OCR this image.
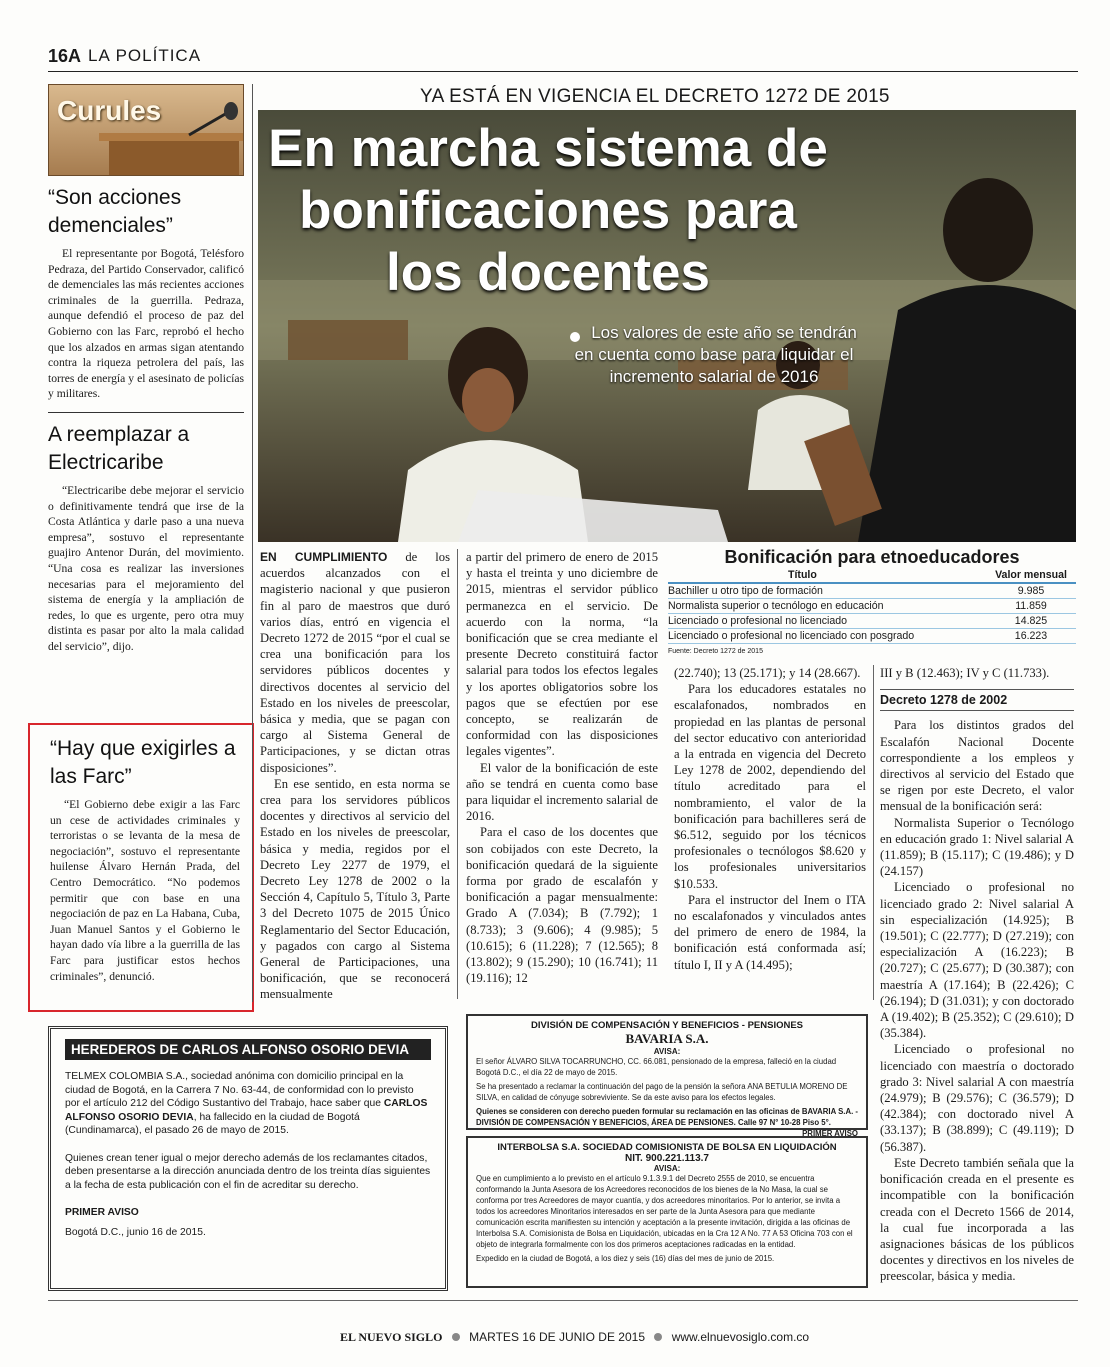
16A LA POLÍTICA
Curules
“Son acciones demenciales”

El representante por Bogotá, Telésforo Pedraza, del Partido Conservador, calificó de demenciales las más recientes acciones criminales de la guerrilla. Pedraza, aunque defendió el proceso de paz del Gobierno con las Farc, reprobó el hecho que los alzados en armas sigan atentando contra la riqueza petrolera del país, las torres de energía y el asesinato de policías y militares.

A reemplazar a Electricaribe

“Electricaribe debe mejorar el servicio o definitivamente tendrá que irse de la Costa Atlántica y darle paso a una nueva empresa”, sostuvo el representante guajiro Antenor Durán, del movimiento. “Una cosa es realizar las inversiones necesarias para el mejoramiento del sistema de energía y la ampliación de redes, lo que es urgente, pero otra muy distinta es pasar por alto la mala calidad del servicio”, dijo.

“Hay que exigirles a las Farc”

“El Gobierno debe exigir a las Farc un cese de actividades criminales y terroristas o se levanta de la mesa de negociación”, sostuvo el representante huilense Álvaro Hernán Prada, del Centro Democrático. “No podemos permitir que con base en una negociación de paz en La Habana, Cuba, Juan Manuel Santos y el Gobierno le hayan dado vía libre a la guerrilla de las Farc para justificar estos hechos criminales”, denunció.

YA ESTÁ EN VIGENCIA EL DECRETO 1272 DE 2015
En marcha sistema de bonificaciones para los docentes
Los valores de este año se tendrán en cuenta como base para liquidar el incremento salarial de 2016

EN CUMPLIMIENTO de los acuerdos alcanzados con el magisterio nacional y que pusieron fin al paro de maestros que duró varios días, entró en vigencia el Decreto 1272 de 2015 “por el cual se crea una bonificación para los servidores públicos docentes y directivos docentes al servicio del Estado en los niveles de preescolar, básica y media, que se pagan con cargo al Sistema General de Participaciones, y se dictan otras disposiciones”.

En ese sentido, en esta norma se crea para los servidores públicos docentes y directivos al servicio del Estado en los niveles de preescolar, básica y media, regidos por el Decreto Ley 2277 de 1979, el Decreto Ley 1278 de 2002 o la Sección 4, Capítulo 5, Título 3, Parte 3 del Decreto 1075 de 2015 Único Reglamentario del Sector Educación, y pagados con cargo al Sistema General de Participaciones, una bonificación, que se reconocerá mensualmente

a partir del primero de enero de 2015 y hasta el treinta y uno diciembre de 2015, mientras el servidor público permanezca en el servicio. De acuerdo con la norma, “la bonificación que se crea mediante el presente Decreto constituirá factor salarial para todos los efectos legales y los aportes obligatorios sobre los pagos que se efectúen por ese concepto, se realizarán de conformidad con las disposiciones legales vigentes”.

El valor de la bonificación de este año se tendrá en cuenta como base para liquidar el incremento salarial de 2016.

Para el caso de los docentes que son cobijados con este Decreto, la bonificación quedará de la siguiente forma por grado de escalafón y bonificación a pagar mensualmente: Grado A (7.034); B (7.792); 1 (8.733); 3 (9.606); 4 (9.985); 5 (10.615); 6 (11.228); 7 (12.565); 8 (13.802); 9 (15.290); 10 (16.741); 11 (19.116); 12

Bonificación para etnoeducadores
Título	Valor mensual
Bachiller u otro tipo de formación	9.985
Normalista superior o tecnólogo en educación	11.859
Licenciado o profesional no licenciado	14.825
Licenciado o profesional no licenciado con posgrado	16.223
Fuente: Decreto 1272 de 2015

(22.740); 13 (25.171); y 14 (28.667).

Para los educadores estatales no escalafonados, nombrados en propiedad en las plantas de personal del sector educativo con anterioridad a la entrada en vigencia del Decreto Ley 1278 de 2002, dependiendo del título acreditado para el nombramiento, el valor de la bonificación para bachilleres será de $6.512, seguido por los técnicos profesionales o tecnólogos $8.620 y los profesionales universitarios $10.533.

Para el instructor del Inem o ITA no escalafonados y vinculados antes del primero de enero de 1984, la bonificación está conformada así; título I, II y A (14.495);

III y B (12.463); IV y C (11.733).

Decreto 1278 de 2002

Para los distintos grados del Escalafón Nacional Docente correspondiente a los empleos y directivos al servicio del Estado que se rigen por este Decreto, el valor mensual de la bonificación será:

Normalista Superior o Tecnólogo en educación grado 1: Nivel salarial A (11.859); B (15.117); C (19.486); y D (24.157)

Licenciado o profesional no licenciado grado 2: Nivel salarial A sin especialización (14.925); B (19.501); C (22.777); D (27.219); con especialización A (16.223); B (20.727); C (25.677); D (30.387); con maestría A (17.164); B (22.426); C (26.194); D (31.031); y con doctorado A (19.402); B (25.352); C (29.610); D (35.384).

Licenciado o profesional no licenciado con maestría o doctorado grado 3: Nivel salarial A con maestría (24.979); B (29.576); C (36.579); D (42.384); con doctorado nivel A (33.137); B (38.899); C (49.119); D (56.387).

Este Decreto también señala que la bonificación creada en el presente es incompatible con la bonificación creada con el Decreto 1566 de 2014, la cual fue incorporada a las asignaciones básicas de los públicos docentes y directivos en los niveles de preescolar, básica y media.

HEREDEROS DE CARLOS ALFONSO OSORIO DEVIA

TELMEX COLOMBIA S.A., sociedad anónima con domicilio principal en la ciudad de Bogotá, en la Carrera 7 No. 63-44, de conformidad con lo previsto por el artículo 212 del Código Sustantivo del Trabajo, hace saber que CARLOS ALFONSO OSORIO DEVIA, ha fallecido en la ciudad de Bogotá (Cundinamarca), el pasado 26 de mayo de 2015.

Quienes crean tener igual o mejor derecho además de los reclamantes citados, deben presentarse a la dirección anunciada dentro de los treinta días siguientes a la fecha de esta publicación con el fin de acreditar su derecho.

PRIMER AVISO

Bogotá D.C., junio 16 de 2015.

DIVISIÓN DE COMPENSACIÓN Y BENEFICIOS - PENSIONES
BAVARIA S.A.
AVISA:

El señor ÁLVARO SILVA TOCARRUNCHO, CC. 66.081, pensionado de la empresa, falleció en la ciudad Bogotá D.C., el día 22 de mayo de 2015.

Se ha presentado a reclamar la continuación del pago de la pensión la señora ANA BETULIA MORENO DE SILVA, en calidad de cónyuge sobreviviente. Se da este aviso para los efectos legales.

Quienes se consideren con derecho pueden formular su reclamación en las oficinas de BAVARIA S.A. - DIVISIÓN DE COMPENSACIÓN Y BENEFICIOS, ÁREA DE PENSIONES. Calle 97 N° 10-28 Piso 5°.

PRIMER AVISO

INTERBOLSA S.A. SOCIEDAD COMISIONISTA DE BOLSA EN LIQUIDACIÓN
NIT. 900.221.113.7
AVISA:

Que en cumplimiento a lo previsto en el artículo 9.1.3.9.1 del Decreto 2555 de 2010, se encuentra conformando la Junta Asesora de los Acreedores reconocidos de los bienes de la No Masa, la cual se conforma por tres Acreedores de mayor cuantía, y dos acreedores minoritarios. Por lo anterior, se invita a todos los acreedores Minoritarios interesados en ser parte de la Junta Asesora para que mediante comunicación escrita manifiesten su intención y aceptación a la presente invitación, dirigida a las oficinas de Interbolsa S.A. Comisionista de Bolsa en Liquidación, ubicadas en la Cra 12 A No. 77 A 53 Oficina 703 con el objeto de integrarla formalmente con los dos primeros aceptaciones radicadas en la entidad.

Expedido en la ciudad de Bogotá, a los diez y seis (16) días del mes de junio de 2015.

EL NUEVO SIGLO MARTES 16 DE JUNIO DE 2015 www.elnuevosiglo.com.co
